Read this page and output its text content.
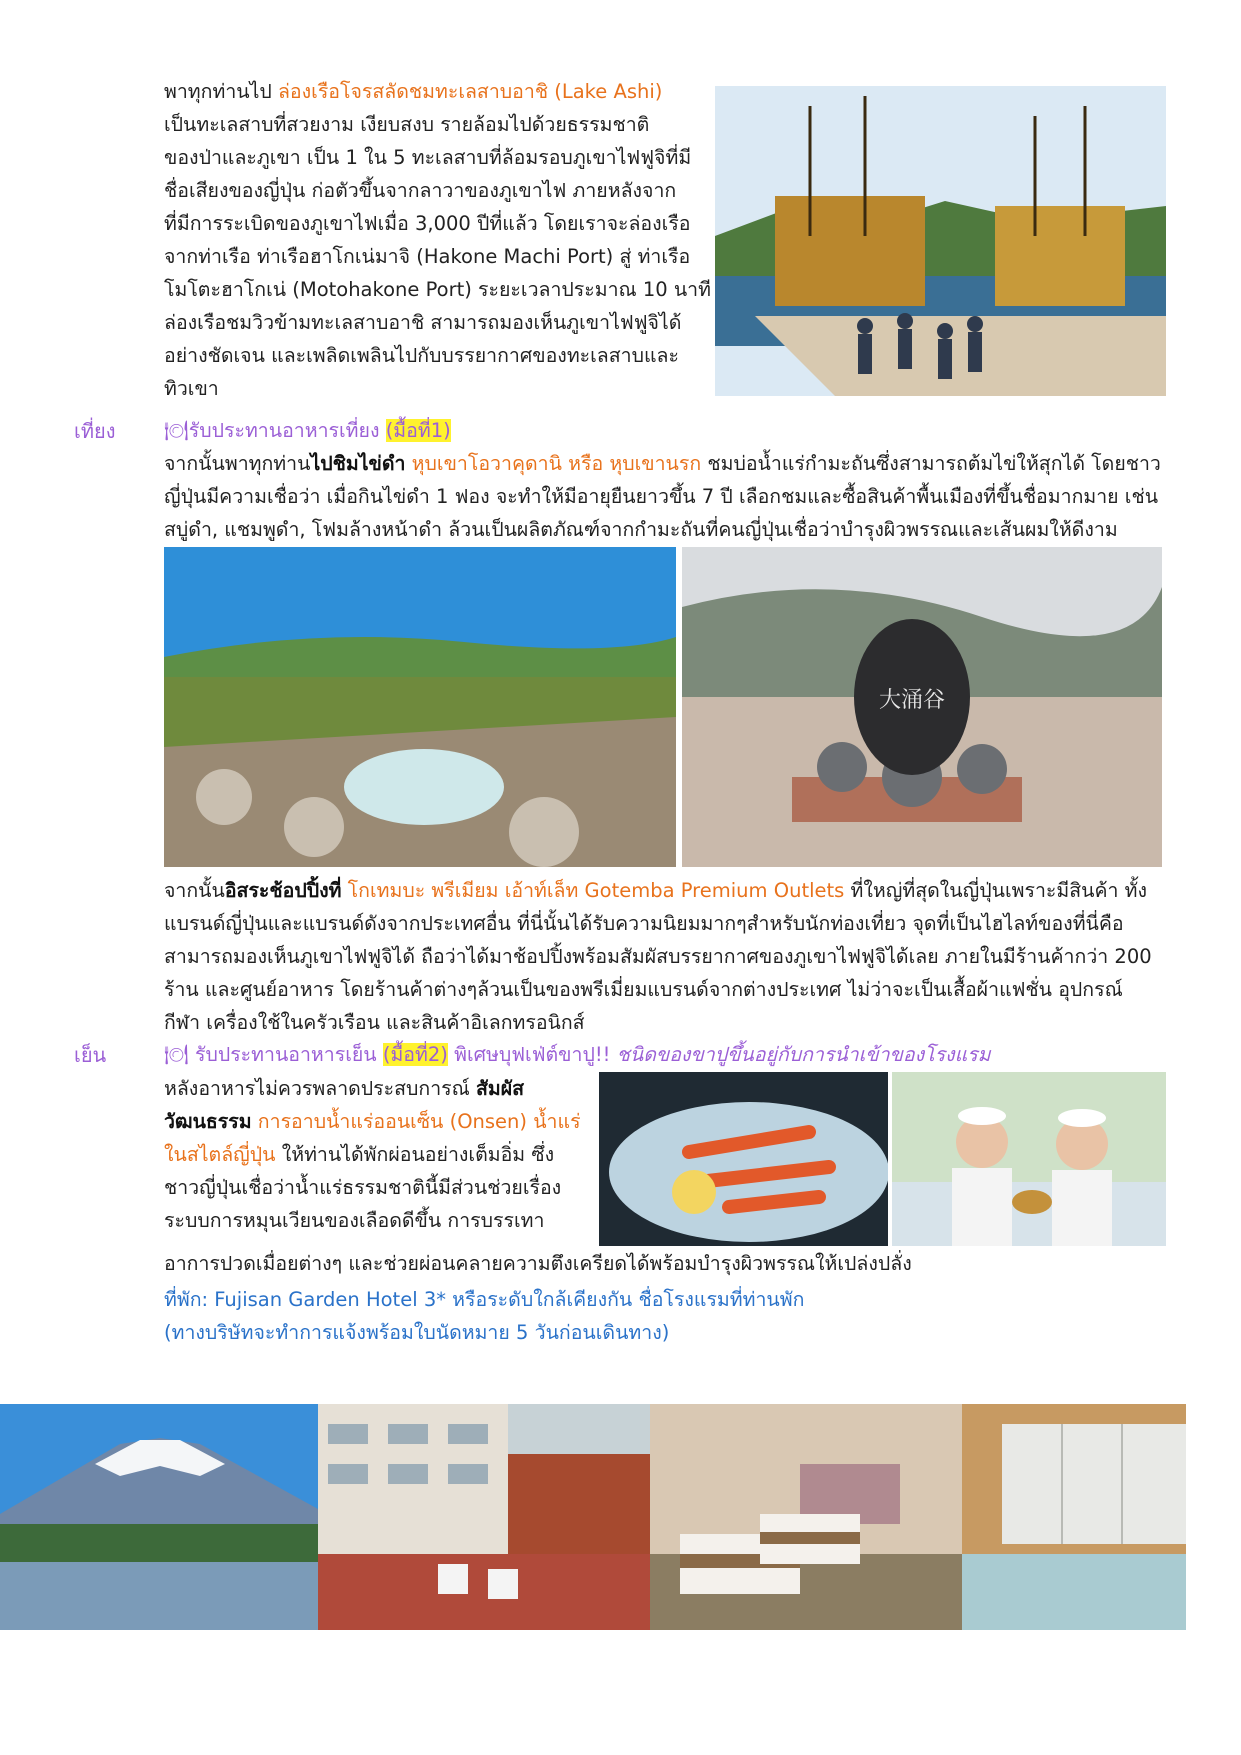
พาทุกท่านไป ล่องเรือโจรสลัดชมทะเลสาบอาชิ (Lake Ashi)
เป็นทะเลสาบที่สวยงาม เงียบสงบ รายล้อมไปด้วยธรรมชาติ
ของป่าและภูเขา เป็น 1 ใน 5 ทะเลสาบที่ล้อมรอบภูเขาไฟฟูจิที่มี
ชื่อเสียงของญี่ปุ่น ก่อตัวขึ้นจากลาวาของภูเขาไฟ ภายหลังจาก
ที่มีการระเบิดของภูเขาไฟเมื่อ 3,000 ปีที่แล้ว โดยเราจะล่องเรือ
จากท่าเรือ ท่าเรือฮาโกเน่มาจิ (Hakone Machi Port) สู่ ท่าเรือ
โมโตะฮาโกเน่ (Motohakone Port) ระยะเวลาประมาณ 10 นาที
ล่องเรือชมวิวข้ามทะเลสาบอาชิ สามารถมองเห็นภูเขาไฟฟูจิได้
อย่างชัดเจน และเพลิดเพลินไปกับบรรยากาศของทะเลสาบและ
ทิวเขา
เที่ยง 🍽รับประทานอาหารเที่ยง (มื้อที่1)
จากนั้นพาทุกท่านไปชิมไข่ดำ หุบเขาโอวาคุดานิ หรือ หุบเขานรก ชมบ่อน้ำแร่กำมะถันซึ่งสามารถต้มไข่ให้สุกได้ โดยชาว
ญี่ปุ่นมีความเชื่อว่า เมื่อกินไข่ดำ 1 ฟอง จะทำให้มีอายุยืนยาวขึ้น 7 ปี เลือกชมและซื้อสินค้าพื้นเมืองที่ขึ้นชื่อมากมาย เช่น
สบู่ดำ, แชมพูดำ, โฟมล้างหน้าดำ ล้วนเป็นผลิตภัณฑ์จากกำมะถันที่คนญี่ปุ่นเชื่อว่าบำรุงผิวพรรณและเส้นผมให้ดีงาม
大涌谷
จากนั้นอิสระช้อปปิ้งที่ โกเทมบะ พรีเมียม เอ้าท์เล็ท Gotemba Premium Outlets ที่ใหญ่ที่สุดในญี่ปุ่นเพราะมีสินค้า ทั้ง
แบรนด์ญี่ปุ่นและแบรนด์ดังจากประเทศอื่น ที่นี่นั้นได้รับความนิยมมากๆสำหรับนักท่องเที่ยว จุดที่เป็นไฮไลท์ของที่นี่คือ
สามารถมองเห็นภูเขาไฟฟูจิได้ ถือว่าได้มาช้อปปิ้งพร้อมสัมผัสบรรยากาศของภูเขาไฟฟูจิได้เลย ภายในมีร้านค้ากว่า 200
ร้าน และศูนย์อาหาร โดยร้านค้าต่างๆล้วนเป็นของพรีเมี่ยมแบรนด์จากต่างประเทศ ไม่ว่าจะเป็นเสื้อผ้าแฟชั่น อุปกรณ์
กีฬา เครื่องใช้ในครัวเรือน และสินค้าอิเลกทรอนิกส์
เย็น	🍽 รับประทานอาหารเย็น (มื้อที่2) พิเศษบุฟเฟ่ต์ขาปู!! ชนิดของขาปูขึ้นอยู่กับการนำเข้าของโรงแรม
หลังอาหารไม่ควรพลาดประสบการณ์ สัมผัส
วัฒนธรรม การอาบน้ำแร่ออนเซ็น (Onsen) น้ำแร่
ในสไตล์ญี่ปุ่น ให้ท่านได้พักผ่อนอย่างเต็มอิ่ม ซึ่ง
ชาวญี่ปุ่นเชื่อว่าน้ำแร่ธรรมชาตินี้มีส่วนช่วยเรื่อง
ระบบการหมุนเวียนของเลือดดีขึ้น การบรรเทา
อาการปวดเมื่อยต่างๆ และช่วยผ่อนคลายความตึงเครียดได้พร้อมบำรุงผิวพรรณให้เปล่งปลั่ง
ที่พัก: Fujisan Garden Hotel 3* หรือระดับใกล้เคียงกัน ชื่อโรงแรมที่ท่านพัก
(ทางบริษัทจะทำการแจ้งพร้อมใบนัดหมาย 5 วันก่อนเดินทาง)
